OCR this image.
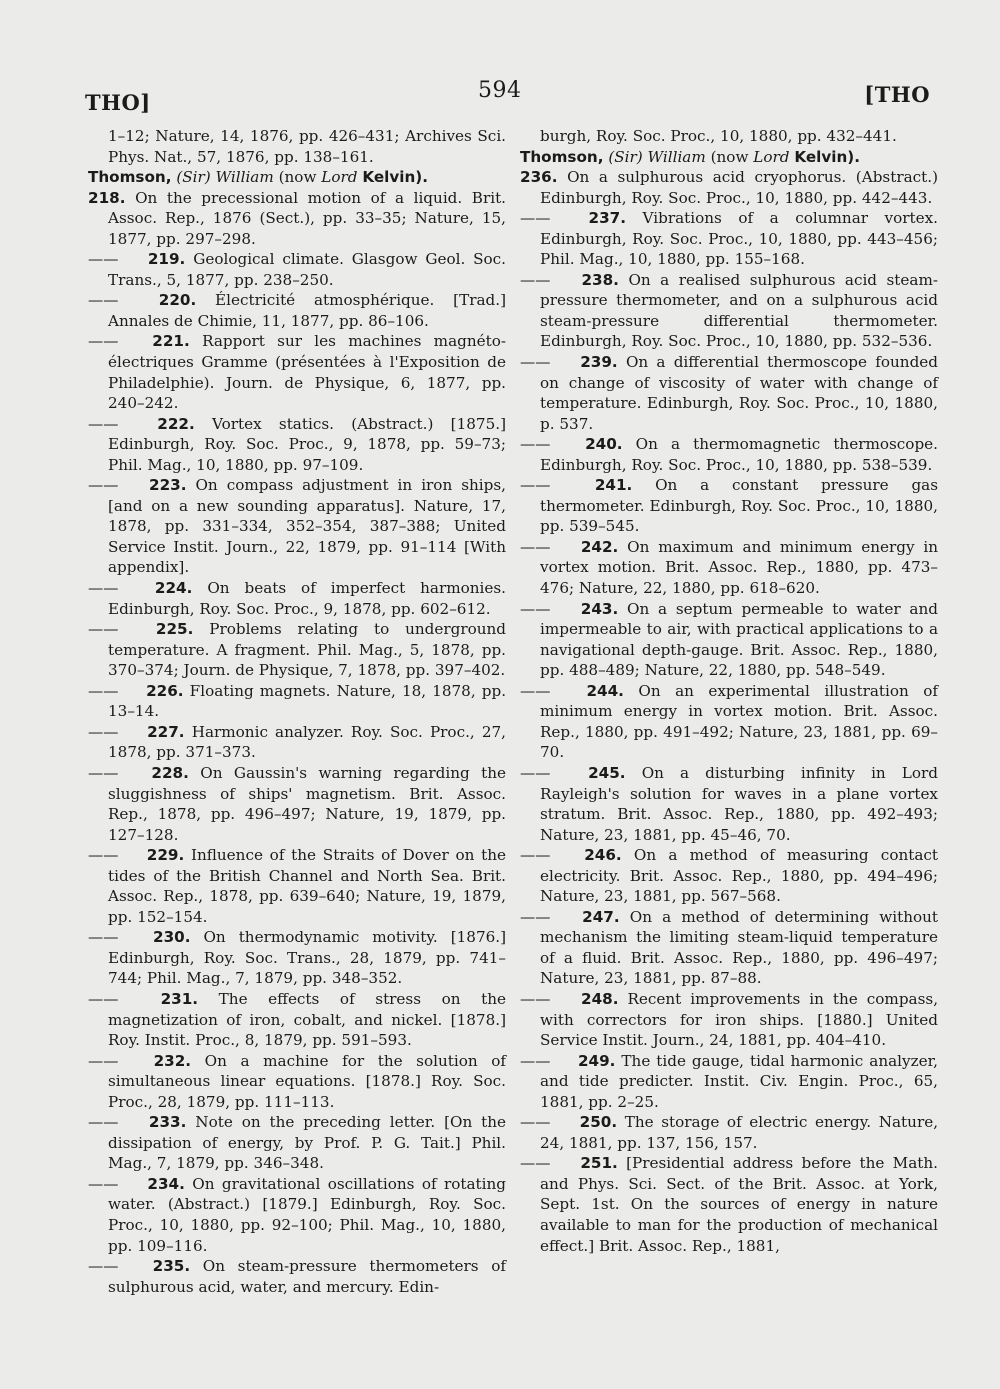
THO]	594	[THO

1–12; Nature, 14, 1876, pp. 426–431; Archives Sci. Phys. Nat., 57, 1876, pp. 138–161.

Thomson, (Sir) William (now Lord Kelvin).

218. On the precessional motion of a liquid. Brit. Assoc. Rep., 1876 (Sect.), pp. 33–35; Nature, 15, 1877, pp. 297–298.

—— 219. Geological climate. Glasgow Geol. Soc. Trans., 5, 1877, pp. 238–250.

——	220. Électricité atmosphérique. [Trad.] Annales de Chimie, 11, 1877, pp. 86–106.

—— 221. Rapport sur les machines magnéto-électriques Gramme (présentées à l'Exposition de Philadelphie). Journ. de Physique, 6, 1877, pp. 240–242.

——	222. Vortex statics. (Abstract.) [1875.] Edinburgh, Roy. Soc. Proc., 9, 1878, pp. 59–73; Phil. Mag., 10, 1880, pp. 97–109.

—— 223. On compass adjustment in iron ships, [and on a new sounding apparatus]. Nature, 17, 1878, pp. 331–334, 352–354, 387–388; United Service Instit. Journ., 22, 1879, pp. 91–114 [With appendix].

—— 224. On beats of imperfect harmonies. Edinburgh, Roy. Soc. Proc., 9, 1878, pp. 602–612.

—— 225. Problems relating to underground temperature. A fragment. Phil. Mag., 5, 1878, pp. 370–374; Journ. de Physique, 7, 1878, pp. 397–402.

—— 226. Floating magnets. Nature, 18, 1878, pp. 13–14.

—— 227. Harmonic analyzer. Roy. Soc. Proc., 27, 1878, pp. 371–373.

—— 228. On Gaussin's warning regarding the sluggishness of ships' magnetism. Brit. Assoc. Rep., 1878, pp. 496–497; Nature, 19, 1879, pp. 127–128.

—— 229. Influence of the Straits of Dover on the tides of the British Channel and North Sea. Brit. Assoc. Rep., 1878, pp. 639–640; Nature, 19, 1879, pp. 152–154.

—— 230. On thermodynamic motivity. [1876.] Edinburgh, Roy. Soc. Trans., 28, 1879, pp. 741–744; Phil. Mag., 7, 1879, pp. 348–352.

——	231. The effects of stress on the magnetization of iron, cobalt, and nickel. [1878.] Roy. Instit. Proc., 8, 1879, pp. 591–593.

—— 232. On a machine for the solution of simultaneous linear equations. [1878.] Roy. Soc. Proc., 28, 1879, pp. 111–113.

—— 233. Note on the preceding letter. [On the dissipation of energy, by Prof. P. G. Tait.] Phil. Mag., 7, 1879, pp. 346–348.

—— 234. On gravitational oscillations of rotating water. (Abstract.) [1879.] Edinburgh, Roy. Soc. Proc., 10, 1880, pp. 92–100; Phil. Mag., 10, 1880, pp. 109–116.

—— 235. On steam-pressure thermometers of sulphurous acid, water, and mercury. Edin-

burgh, Roy. Soc. Proc., 10, 1880, pp. 432–441.

Thomson, (Sir) William (now Lord Kelvin).

236. On a sulphurous acid cryophorus. (Abstract.) Edinburgh, Roy. Soc. Proc., 10, 1880, pp. 442–443.

——	237. Vibrations of a columnar vortex. Edinburgh, Roy. Soc. Proc., 10, 1880, pp. 443–456; Phil. Mag., 10, 1880, pp. 155–168.

—— 238. On a realised sulphurous acid steam-pressure thermometer, and on a sulphurous acid steam-pressure differential thermometer. Edinburgh, Roy. Soc. Proc., 10, 1880, pp. 532–536.

—— 239. On a differential thermoscope founded on change of viscosity of water with change of temperature. Edinburgh, Roy. Soc. Proc., 10, 1880, p. 537.

—— 240. On a thermomagnetic thermoscope. Edinburgh, Roy. Soc. Proc., 10, 1880, pp. 538–539.

——	241. On a constant pressure gas thermometer. Edinburgh, Roy. Soc. Proc., 10, 1880, pp. 539–545.

—— 242. On maximum and minimum energy in vortex motion. Brit. Assoc. Rep., 1880, pp. 473–476; Nature, 22, 1880, pp. 618–620.

—— 243. On a septum permeable to water and impermeable to air, with practical applications to a navigational depth-gauge. Brit. Assoc. Rep., 1880, pp. 488–489; Nature, 22, 1880, pp. 548–549.

—— 244. On an experimental illustration of minimum energy in vortex motion. Brit. Assoc. Rep., 1880, pp. 491–492; Nature, 23, 1881, pp. 69–70.

—— 245. On a disturbing infinity in Lord Rayleigh's solution for waves in a plane vortex stratum. Brit. Assoc. Rep., 1880, pp. 492–493; Nature, 23, 1881, pp. 45–46, 70.

—— 246. On a method of measuring contact electricity. Brit. Assoc. Rep., 1880, pp. 494–496; Nature, 23, 1881, pp. 567–568.

—— 247. On a method of determining without mechanism the limiting steam-liquid temperature of a fluid. Brit. Assoc. Rep., 1880, pp. 496–497; Nature, 23, 1881, pp. 87–88.

—— 248. Recent improvements in the compass, with correctors for iron ships. [1880.] United Service Instit. Journ., 24, 1881, pp. 404–410.

—— 249. The tide gauge, tidal harmonic analyzer, and tide predicter. Instit. Civ. Engin. Proc., 65, 1881, pp. 2–25.

—— 250. The storage of electric energy. Nature, 24, 1881, pp. 137, 156, 157.

—— 251. [Presidential address before the Math. and Phys. Sci. Sect. of the Brit. Assoc. at York, Sept. 1st. On the sources of energy in nature available to man for the production of mechanical effect.] Brit. Assoc. Rep., 1881,
